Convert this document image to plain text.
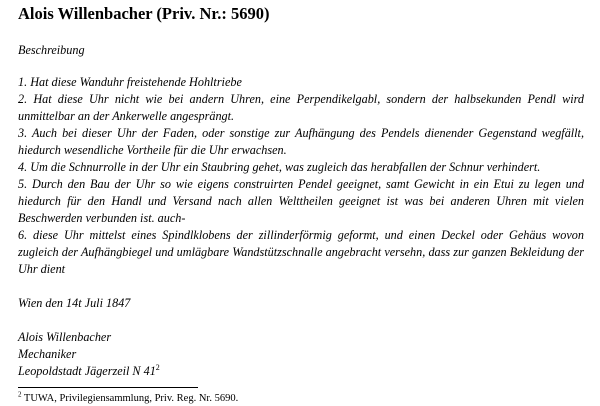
Alois Willenbacher (Priv. Nr.: 5690)
Beschreibung
1. Hat diese Wanduhr freistehende Hohltriebe
2. Hat diese Uhr nicht wie bei andern Uhren, eine Perpendikelgabl, sondern der halbsekunden Pendl wird unmittelbar an der Ankerwelle angesprängt.
3. Auch bei dieser Uhr der Faden, oder sonstige zur Aufhängung des Pendels dienender Gegenstand wegfällt, hiedurch wesendliche Vortheile für die Uhr erwachsen.
4. Um die Schnurrolle in der Uhr ein Staubring gehet, was zugleich das herabfallen der Schnur verhindert.
5. Durch den Bau der Uhr so wie eigens construirten Pendel geeignet, samt Gewicht in ein Etui zu legen und hiedurch für den Handl und Versand nach allen Welttheilen geeignet ist was bei anderen Uhren mit vielen Beschwerden verbunden ist. auch-
6. diese Uhr mittelst eines Spindlklobens der zillinderförmig geformt, und einen Deckel oder Gehäus wovon zugleich der Aufhängbiegel und umlägbare Wandstützschnalle angebracht versehn, dass zur ganzen Bekleidung der Uhr dient
Wien den 14t Juli 1847
Alois Willenbacher
Mechaniker
Leopoldstadt Jägerzeil N $41^2$
$^2$ TUWA, Privilegiensammlung, Priv. Reg. Nr. 5690.
